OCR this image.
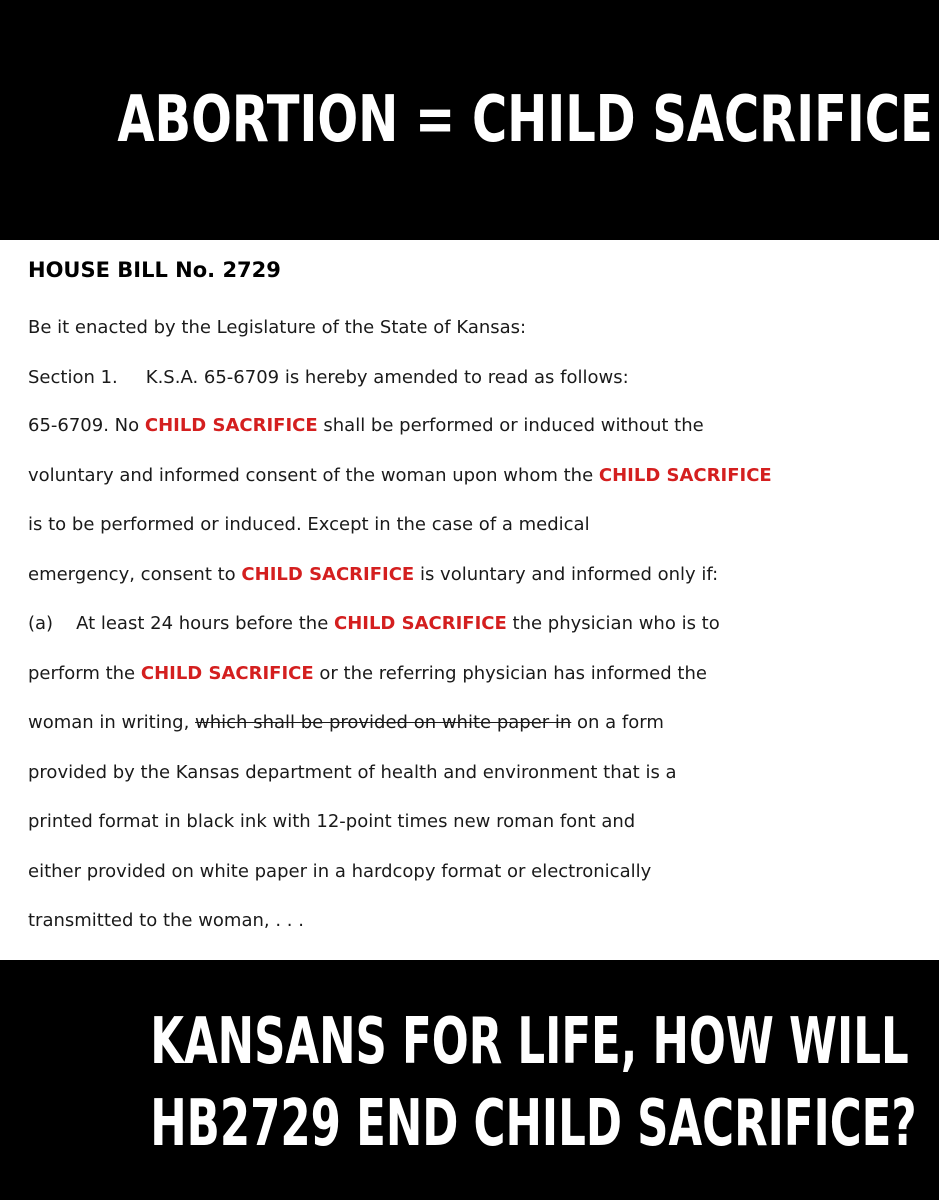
ABORTION = CHILD SACRIFICE
HOUSE BILL No. 2729
Be it enacted by the Legislature of the State of Kansas:
Section 1. K.S.A. 65-6709 is hereby amended to read as follows:
65-6709. No CHILD SACRIFICE shall be performed or induced without the
voluntary and informed consent of the woman upon whom the CHILD SACRIFICE
is to be performed or induced. Except in the case of a medical
emergency, consent to CHILD SACRIFICE is voluntary and informed only if:
(a) At least 24 hours before the CHILD SACRIFICE the physician who is to
perform the CHILD SACRIFICE or the referring physician has informed the
woman in writing, which shall be provided on white paper in on a form
provided by the Kansas department of health and environment that is a
printed format in black ink with 12-point times new roman font and
either provided on white paper in a hardcopy format or electronically
transmitted to the woman, . . .
KANSANS FOR LIFE, HOW WILL
HB2729 END CHILD SACRIFICE?
